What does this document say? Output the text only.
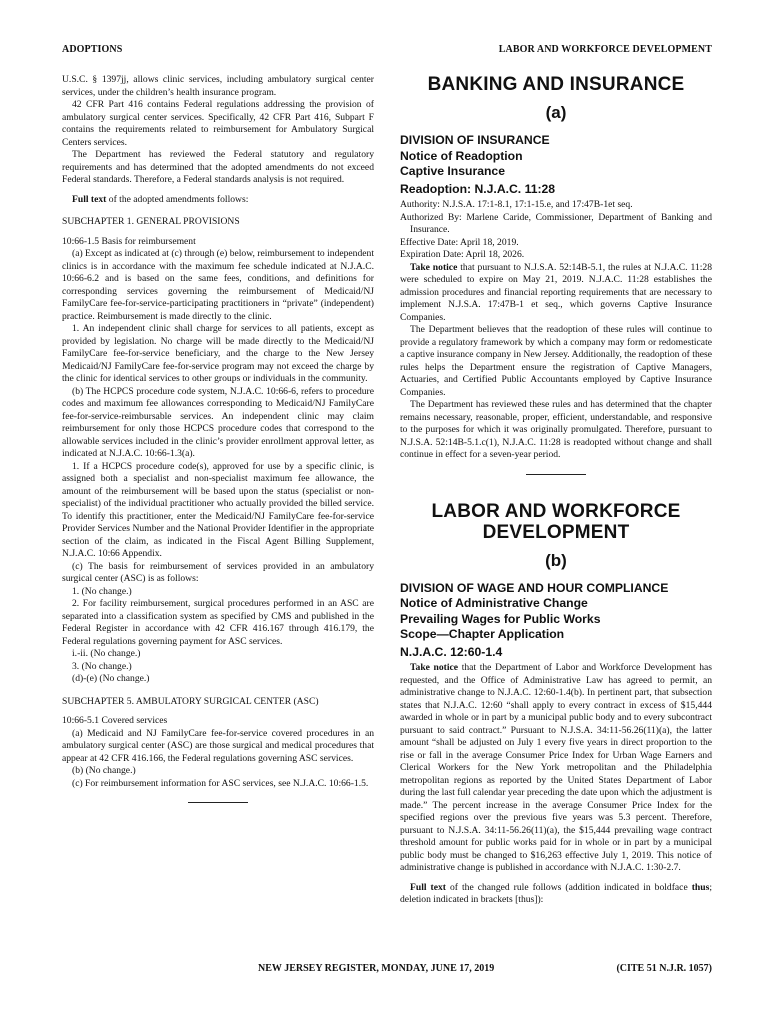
ADOPTIONS	LABOR AND WORKFORCE DEVELOPMENT

U.S.C. § 1397jj, allows clinic services, including ambulatory surgical center services, under the children’s health insurance program.

42 CFR Part 416 contains Federal regulations addressing the provision of ambulatory surgical center services. Specifically, 42 CFR Part 416, Subpart F contains the requirements related to reimbursement for Ambulatory Surgical Centers services.

The Department has reviewed the Federal statutory and regulatory requirements and has determined that the adopted amendments do not exceed Federal standards. Therefore, a Federal standards analysis is not required.

Full text of the adopted amendments follows:

SUBCHAPTER 1. GENERAL PROVISIONS

10:66-1.5 Basis for reimbursement

(a) Except as indicated at (c) through (e) below, reimbursement to independent clinics is in accordance with the maximum fee schedule indicated at N.J.A.C. 10:66-6.2 and is based on the same fees, conditions, and definitions for corresponding services governing the reimbursement of Medicaid/NJ FamilyCare fee-for-service-participating practitioners in “private” (independent) practice. Reimbursement is made directly to the clinic.

1. An independent clinic shall charge for services to all patients, except as provided by legislation. No charge will be made directly to the Medicaid/NJ FamilyCare fee-for-service beneficiary, and the charge to the New Jersey Medicaid/NJ FamilyCare fee-for-service program may not exceed the charge by the clinic for identical services to other groups or individuals in the community.

(b) The HCPCS procedure code system, N.J.A.C. 10:66-6, refers to procedure codes and maximum fee allowances corresponding to Medicaid/NJ FamilyCare fee-for-service-reimbursable services. An independent clinic may claim reimbursement for only those HCPCS procedure codes that correspond to the allowable services included in the clinic’s provider enrollment approval letter, as indicated at N.J.A.C. 10:66-1.3(a).

1. If a HCPCS procedure code(s), approved for use by a specific clinic, is assigned both a specialist and non-specialist maximum fee allowance, the amount of the reimbursement will be based upon the status (specialist or non-specialist) of the individual practitioner who actually provided the billed service. To identify this practitioner, enter the Medicaid/NJ FamilyCare fee-for-service Provider Services Number and the National Provider Identifier in the appropriate section of the claim, as indicated in the Fiscal Agent Billing Supplement, N.J.A.C. 10:66 Appendix.

(c) The basis for reimbursement of services provided in an ambulatory surgical center (ASC) is as follows:

1. (No change.)

2. For facility reimbursement, surgical procedures performed in an ASC are separated into a classification system as specified by CMS and published in the Federal Register in accordance with 42 CFR 416.167 through 416.179, the Federal regulations governing payment for ASC services.

i.-ii. (No change.)

3. (No change.)

(d)-(e) (No change.)

SUBCHAPTER 5. AMBULATORY SURGICAL CENTER (ASC)

10:66-5.1 Covered services

(a) Medicaid and NJ FamilyCare fee-for-service covered procedures in an ambulatory surgical center (ASC) are those surgical and medical procedures that appear at 42 CFR 416.166, the Federal regulations governing ASC services.

(b) (No change.)

(c) For reimbursement information for ASC services, see N.J.A.C. 10:66-1.5.

BANKING AND INSURANCE
(a)
DIVISION OF INSURANCE
Notice of Readoption
Captive Insurance
Readoption: N.J.A.C. 11:28

Authority: N.J.S.A. 17:1-8.1, 17:1-15.e, and 17:47B-1et seq.

Authorized By: Marlene Caride, Commissioner, Department of Banking and Insurance.

Effective Date: April 18, 2019.

Expiration Date: April 18, 2026.

Take notice that pursuant to N.J.S.A. 52:14B-5.1, the rules at N.J.A.C. 11:28 were scheduled to expire on May 21, 2019. N.J.A.C. 11:28 establishes the admission procedures and financial reporting requirements that are necessary to implement N.J.S.A. 17:47B-1 et seq., which governs Captive Insurance Companies.

The Department believes that the readoption of these rules will continue to provide a regulatory framework by which a company may form or redomesticate a captive insurance company in New Jersey. Additionally, the readoption of these rules helps the Department ensure the registration of Captive Managers, Actuaries, and Certified Public Accountants employed by Captive Insurance Companies.

The Department has reviewed these rules and has determined that the chapter remains necessary, reasonable, proper, efficient, understandable, and responsive to the purposes for which it was originally promulgated. Therefore, pursuant to N.J.S.A. 52:14B-5.1.c(1), N.J.A.C. 11:28 is readopted without change and shall continue in effect for a seven-year period.

LABOR AND WORKFORCE
DEVELOPMENT
(b)
DIVISION OF WAGE AND HOUR COMPLIANCE
Notice of Administrative Change
Prevailing Wages for Public Works
Scope—Chapter Application
N.J.A.C. 12:60-1.4

Take notice that the Department of Labor and Workforce Development has requested, and the Office of Administrative Law has agreed to permit, an administrative change to N.J.A.C. 12:60-1.4(b). In pertinent part, that subsection states that N.J.A.C. 12:60 “shall apply to every contract in excess of $15,444 awarded in whole or in part by a municipal public body and to every subcontract pursuant to said contract.” Pursuant to N.J.S.A. 34:11-56.26(11)(a), the latter amount “shall be adjusted on July 1 every five years in direct proportion to the rise or fall in the average Consumer Price Index for Urban Wage Earners and Clerical Workers for the New York metropolitan and the Philadelphia metropolitan regions as reported by the United States Department of Labor during the last full calendar year preceding the date upon which the adjustment is made.” The percent increase in the average Consumer Price Index for the specified regions over the previous five years was 5.3 percent. Therefore, pursuant to N.J.S.A. 34:11-56.26(11)(a), the $15,444 prevailing wage contract threshold amount for public works paid for in whole or in part by a municipal public body must be changed to $16,263 effective July 1, 2019. This notice of administrative change is published in accordance with N.J.A.C. 1:30-2.7.

Full text of the changed rule follows (addition indicated in boldface thus; deletion indicated in brackets [thus]):

NEW JERSEY REGISTER, MONDAY, JUNE 17, 2019	(CITE 51 N.J.R. 1057)
